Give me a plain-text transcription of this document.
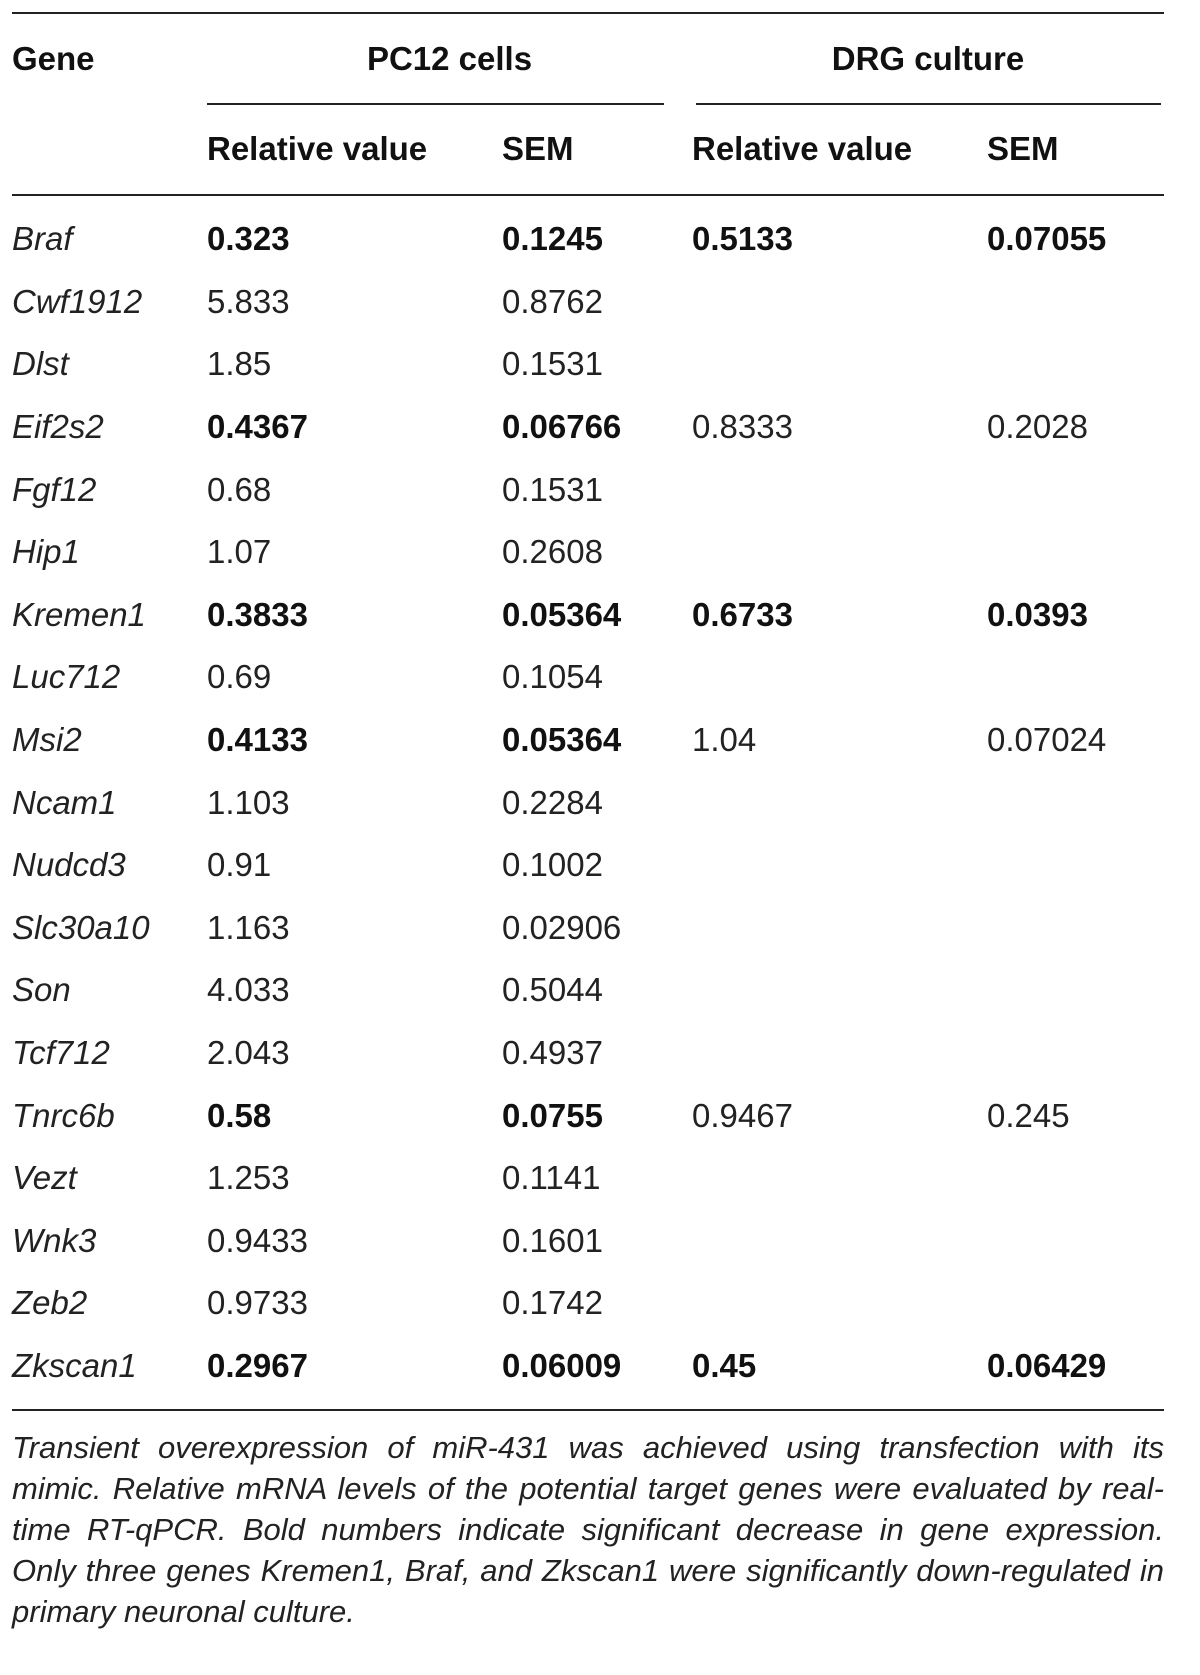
Gene	PC12 cells		DRG culture	

	Relative value	SEM	Relative value	SEM
Braf	0.323	0.1245	0.5133	0.07055
Cwf1912	5.833	0.8762		
Dlst	1.85	0.1531		
Eif2s2	0.4367	0.06766	0.8333	0.2028
Fgf12	0.68	0.1531		
Hip1	1.07	0.2608		
Kremen1	0.3833	0.05364	0.6733	0.0393
Luc712	0.69	0.1054		
Msi2	0.4133	0.05364	1.04	0.07024
Ncam1	1.103	0.2284		
Nudcd3	0.91	0.1002		
Slc30a10	1.163	0.02906		
Son	4.033	0.5044		
Tcf712	2.043	0.4937		
Tnrc6b	0.58	0.0755	0.9467	0.245
Vezt	1.253	0.1141		
Wnk3	0.9433	0.1601		
Zeb2	0.9733	0.1742		
Zkscan1	0.2967	0.06009	0.45	0.06429
Transient overexpression of miR-431 was achieved using transfection with its mimic. Relative mRNA levels of the potential target genes were evaluated by real-time RT-qPCR. Bold numbers indicate significant decrease in gene expression. Only three genes Kremen1, Braf, and Zkscan1 were significantly down-regulated in primary neuronal culture.
